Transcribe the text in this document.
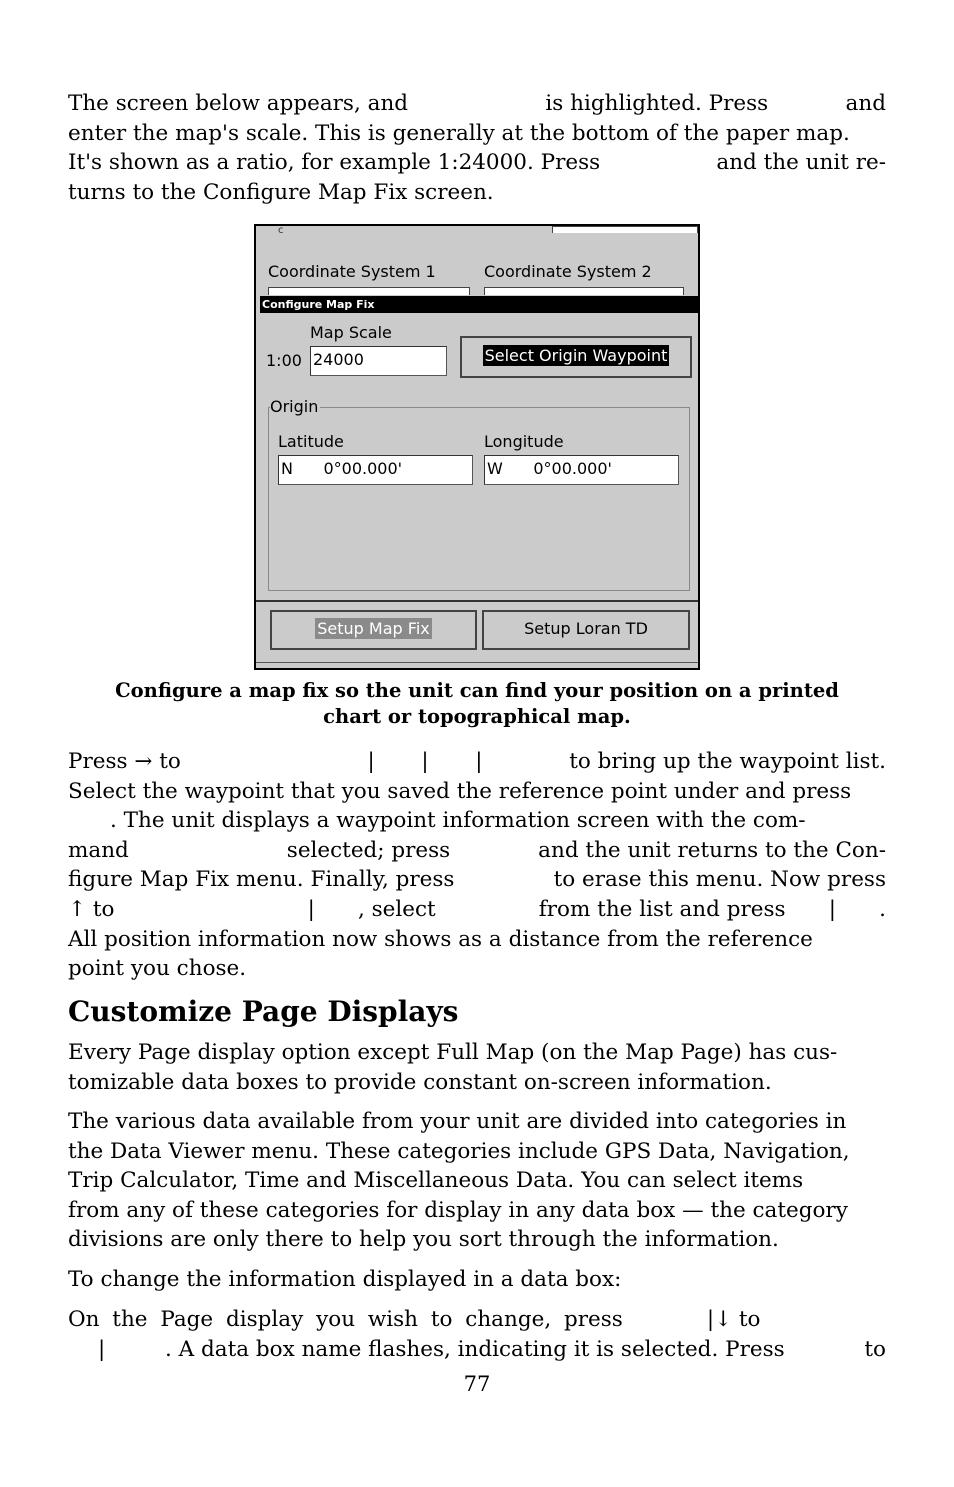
The screen below appears, and	is highlighted. Press	and
enter the map's scale. This is generally at the bottom of the paper map.
It's shown as a ratio, for example 1:24000. Press	and the unit re-
turns to the Configure Map Fix screen.
c
Coordinate System 1	Coordinate System 2
Configure Map Fix
Map Scale
1:00 24000	Select Origin Waypoint
Origin
Latitude	Longitude
N      0°00.000'	W      0°00.000'
Setup Map Fix	Setup Loran TD
Configure a map fix so the unit can find your position on a printed
chart or topographical map.
Press → to	| | |	to bring up the waypoint list.
Select the waypoint that you saved the reference point under and press
. The unit displays a waypoint information screen with the com-
mand	selected; press	and the unit returns to the Con-
figure Map Fix menu. Finally, press	to erase this menu. Now press
↑ to	| , select	from the list and press | .
All position information now shows as a distance from the reference
point you chose.
Customize Page Displays
Every Page display option except Full Map (on the Map Page) has cus-
tomizable data boxes to provide constant on-screen information.
The various data available from your unit are divided into categories in
the Data Viewer menu. These categories include GPS Data, Navigation,
Trip Calculator, Time and Miscellaneous Data. You can select items
from any of these categories for display in any data box — the category
divisions are only there to help you sort through the information.
To change the information displayed in a data box:
On the Page display you wish to change, press	|↓ to
|	. A data box name flashes, indicating it is selected. Press	to
77
